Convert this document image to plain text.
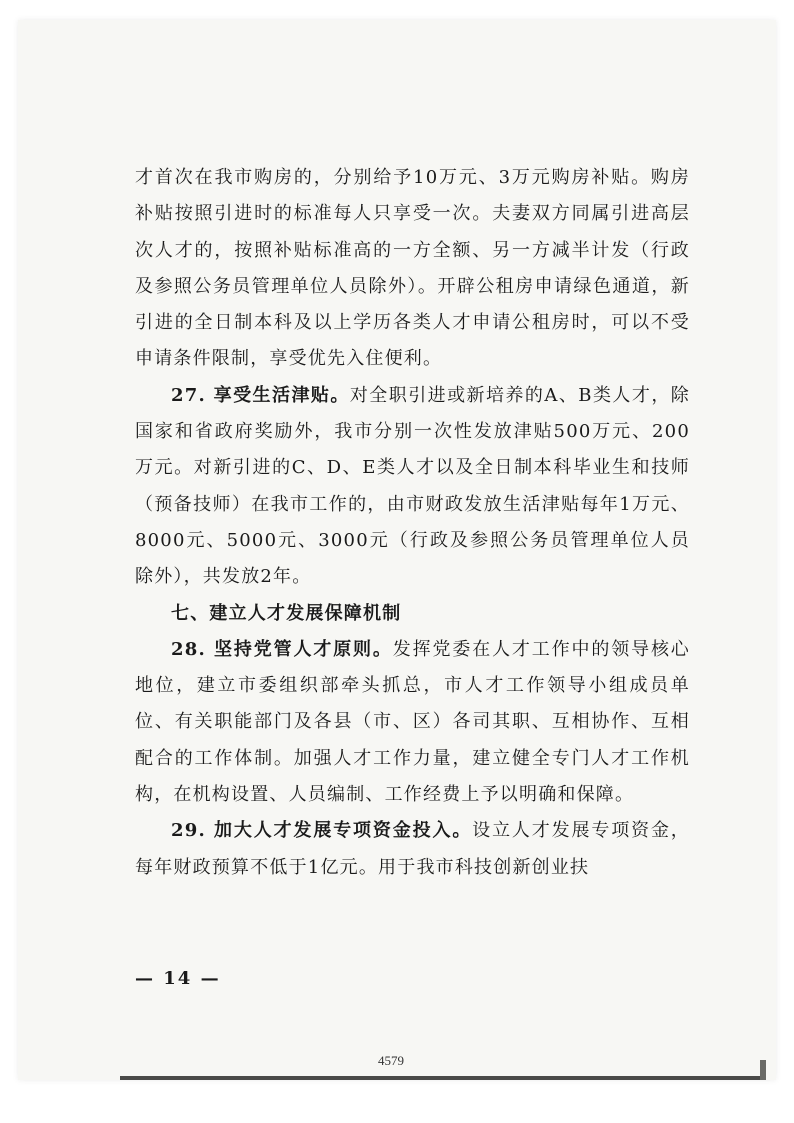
才首次在我市购房的，分别给予10万元、3万元购房补贴。购房补贴按照引进时的标准每人只享受一次。夫妻双方同属引进高层次人才的，按照补贴标准高的一方全额、另一方减半计发（行政及参照公务员管理单位人员除外）。开辟公租房申请绿色通道，新引进的全日制本科及以上学历各类人才申请公租房时，可以不受申请条件限制，享受优先入住便利。

27. 享受生活津贴。对全职引进或新培养的A、B类人才，除国家和省政府奖励外，我市分别一次性发放津贴500万元、200万元。对新引进的C、D、E类人才以及全日制本科毕业生和技师（预备技师）在我市工作的，由市财政发放生活津贴每年1万元、8000元、5000元、3000元（行政及参照公务员管理单位人员除外），共发放2年。

七、建立人才发展保障机制

28. 坚持党管人才原则。发挥党委在人才工作中的领导核心地位，建立市委组织部牵头抓总，市人才工作领导小组成员单位、有关职能部门及各县（市、区）各司其职、互相协作、互相配合的工作体制。加强人才工作力量，建立健全专门人才工作机构，在机构设置、人员编制、工作经费上予以明确和保障。

29. 加大人才发展专项资金投入。设立人才发展专项资金，每年财政预算不低于1亿元。用于我市科技创新创业扶

— 14 —
4579
